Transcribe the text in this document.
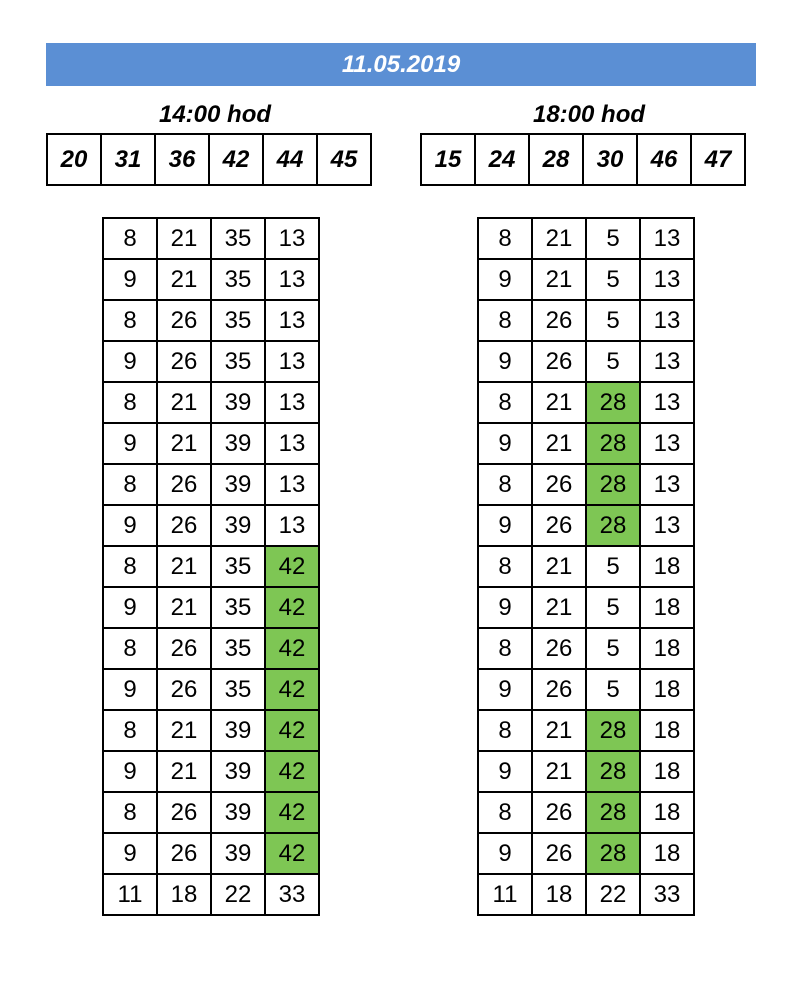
11.05.2019
14:00 hod	18:00 hod
20	31	36	42	44	45	15	24	28	30	46	47
8	21	35	13
9	21	35	13
8	26	35	13
9	26	35	13
8	21	39	13
9	21	39	13
8	26	39	13
9	26	39	13
8	21	35	42
9	21	35	42
8	26	35	42
9	26	35	42
8	21	39	42
9	21	39	42
8	26	39	42
9	26	39	42
11	18	22	33
8	21	5	13
9	21	5	13
8	26	5	13
9	26	5	13
8	21	28	13
9	21	28	13
8	26	28	13
9	26	28	13
8	21	5	18
9	21	5	18
8	26	5	18
9	26	5	18
8	21	28	18
9	21	28	18
8	26	28	18
9	26	28	18
11	18	22	33
